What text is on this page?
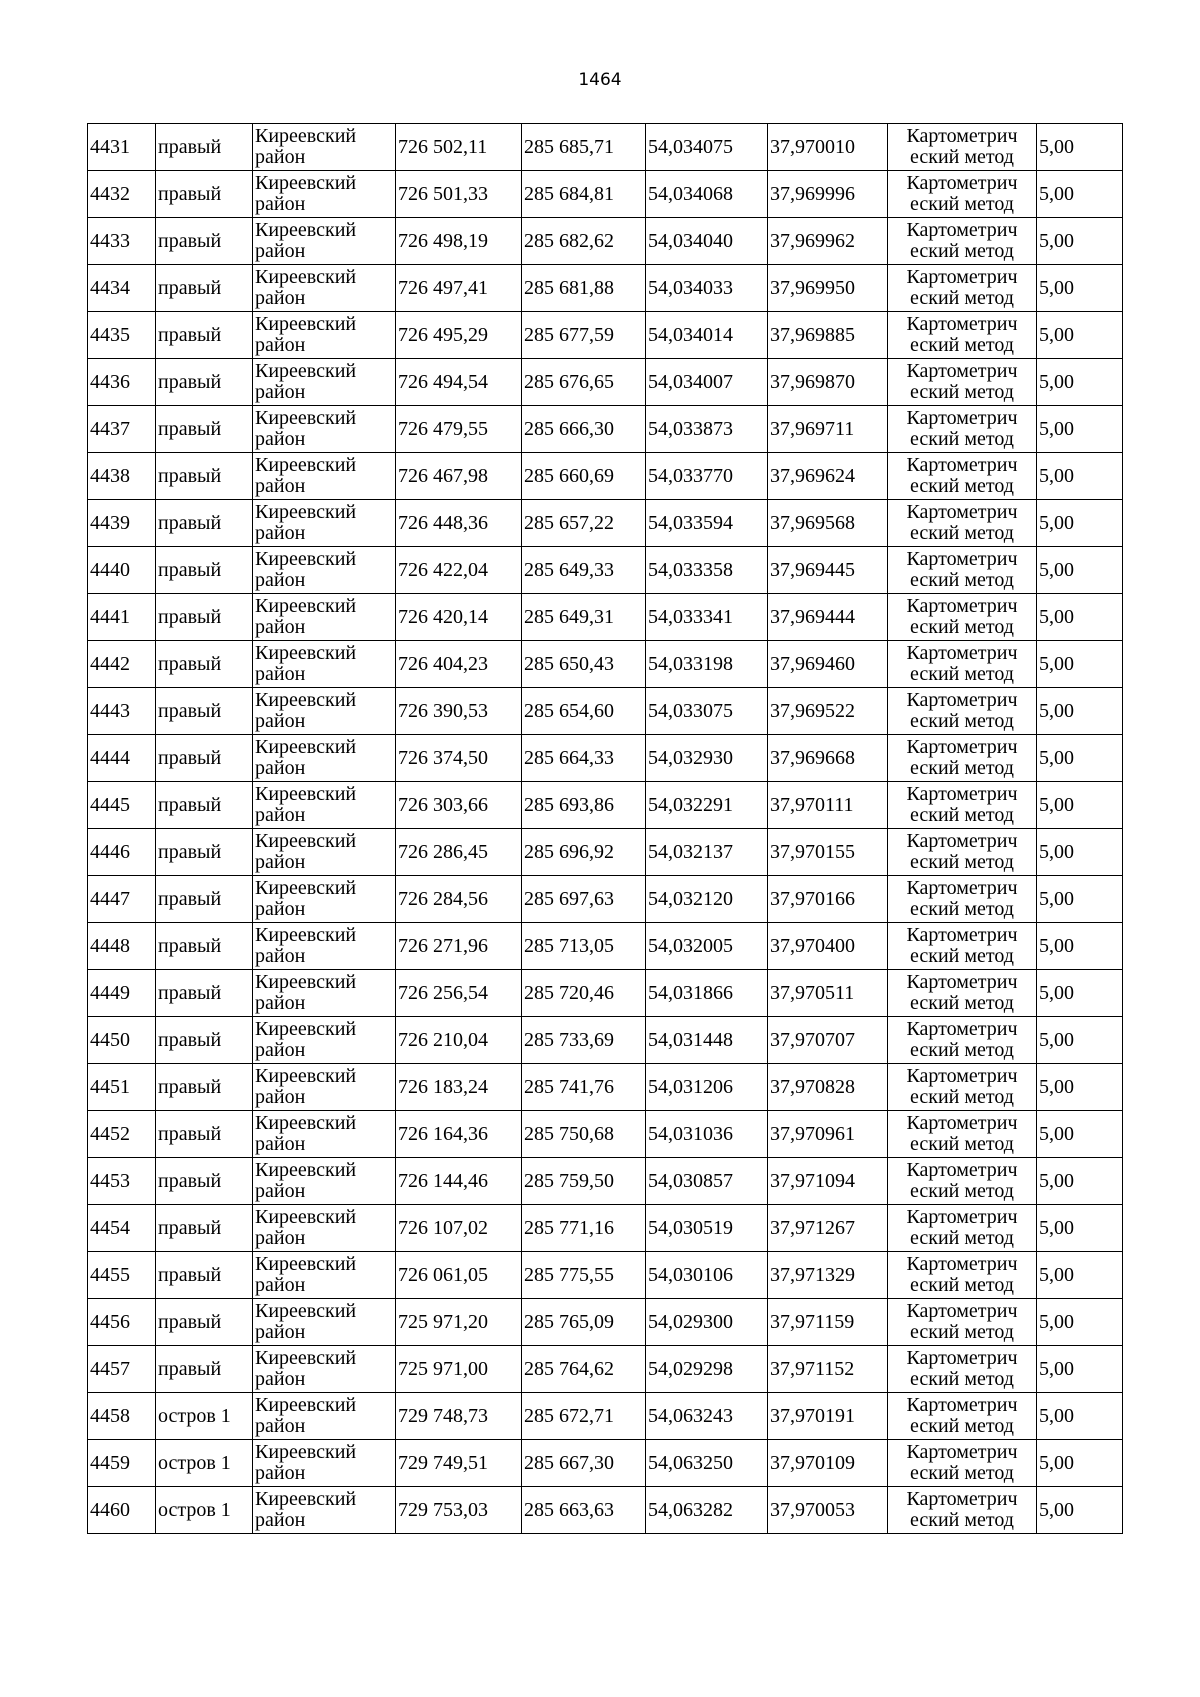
1464
4431	правый	Киреевский район	726 502,11	285 685,71	54,034075	37,970010	Картометрич еский метод	5,00
4432	правый	Киреевский район	726 501,33	285 684,81	54,034068	37,969996	Картометрич еский метод	5,00
4433	правый	Киреевский район	726 498,19	285 682,62	54,034040	37,969962	Картометрич еский метод	5,00
4434	правый	Киреевский район	726 497,41	285 681,88	54,034033	37,969950	Картометрич еский метод	5,00
4435	правый	Киреевский район	726 495,29	285 677,59	54,034014	37,969885	Картометрич еский метод	5,00
4436	правый	Киреевский район	726 494,54	285 676,65	54,034007	37,969870	Картометрич еский метод	5,00
4437	правый	Киреевский район	726 479,55	285 666,30	54,033873	37,969711	Картометрич еский метод	5,00
4438	правый	Киреевский район	726 467,98	285 660,69	54,033770	37,969624	Картометрич еский метод	5,00
4439	правый	Киреевский район	726 448,36	285 657,22	54,033594	37,969568	Картометрич еский метод	5,00
4440	правый	Киреевский район	726 422,04	285 649,33	54,033358	37,969445	Картометрич еский метод	5,00
4441	правый	Киреевский район	726 420,14	285 649,31	54,033341	37,969444	Картометрич еский метод	5,00
4442	правый	Киреевский район	726 404,23	285 650,43	54,033198	37,969460	Картометрич еский метод	5,00
4443	правый	Киреевский район	726 390,53	285 654,60	54,033075	37,969522	Картометрич еский метод	5,00
4444	правый	Киреевский район	726 374,50	285 664,33	54,032930	37,969668	Картометрич еский метод	5,00
4445	правый	Киреевский район	726 303,66	285 693,86	54,032291	37,970111	Картометрич еский метод	5,00
4446	правый	Киреевский район	726 286,45	285 696,92	54,032137	37,970155	Картометрич еский метод	5,00
4447	правый	Киреевский район	726 284,56	285 697,63	54,032120	37,970166	Картометрич еский метод	5,00
4448	правый	Киреевский район	726 271,96	285 713,05	54,032005	37,970400	Картометрич еский метод	5,00
4449	правый	Киреевский район	726 256,54	285 720,46	54,031866	37,970511	Картометрич еский метод	5,00
4450	правый	Киреевский район	726 210,04	285 733,69	54,031448	37,970707	Картометрич еский метод	5,00
4451	правый	Киреевский район	726 183,24	285 741,76	54,031206	37,970828	Картометрич еский метод	5,00
4452	правый	Киреевский район	726 164,36	285 750,68	54,031036	37,970961	Картометрич еский метод	5,00
4453	правый	Киреевский район	726 144,46	285 759,50	54,030857	37,971094	Картометрич еский метод	5,00
4454	правый	Киреевский район	726 107,02	285 771,16	54,030519	37,971267	Картометрич еский метод	5,00
4455	правый	Киреевский район	726 061,05	285 775,55	54,030106	37,971329	Картометрич еский метод	5,00
4456	правый	Киреевский район	725 971,20	285 765,09	54,029300	37,971159	Картометрич еский метод	5,00
4457	правый	Киреевский район	725 971,00	285 764,62	54,029298	37,971152	Картометрич еский метод	5,00
4458	остров 1	Киреевский район	729 748,73	285 672,71	54,063243	37,970191	Картометрич еский метод	5,00
4459	остров 1	Киреевский район	729 749,51	285 667,30	54,063250	37,970109	Картометрич еский метод	5,00
4460	остров 1	Киреевский район	729 753,03	285 663,63	54,063282	37,970053	Картометрич еский метод	5,00
